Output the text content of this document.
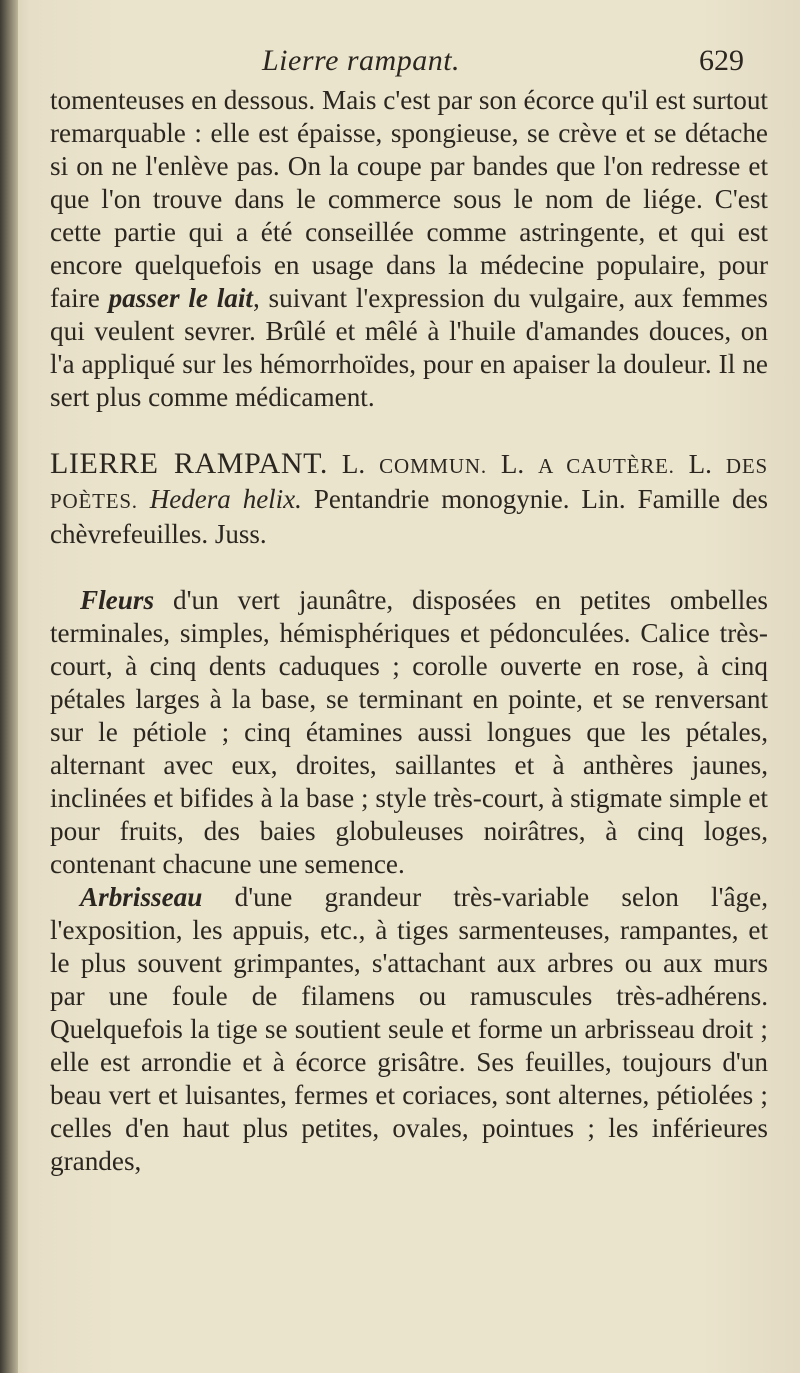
Lierre rampant.	629

tomenteuses en dessous. Mais c'est par son écorce qu'il est surtout remarquable : elle est épaisse, spongieuse, se crève et se détache si on ne l'enlève pas. On la coupe par bandes que l'on redresse et que l'on trouve dans le commerce sous le nom de liége. C'est cette partie qui a été conseillée comme astringente, et qui est encore quelquefois en usage dans la médecine populaire, pour faire passer le lait, suivant l'expression du vulgaire, aux femmes qui veulent sevrer. Brûlé et mêlé à l'huile d'amandes douces, on l'a appliqué sur les hémorrhoïdes, pour en apaiser la douleur. Il ne sert plus comme médicament.

LIERRE RAMPANT. L. COMMUN. L. A CAUTÈRE. L. DES POÈTES. Hedera helix. Pentandrie monogynie. Lin. Famille des chèvrefeuilles. Juss.

Fleurs d'un vert jaunâtre, disposées en petites ombelles terminales, simples, hémisphériques et pédonculées. Calice très-court, à cinq dents caduques ; corolle ouverte en rose, à cinq pétales larges à la base, se terminant en pointe, et se renversant sur le pétiole ; cinq étamines aussi longues que les pétales, alternant avec eux, droites, saillantes et à anthères jaunes, inclinées et bifides à la base ; style très-court, à stigmate simple et pour fruits, des baies globuleuses noirâtres, à cinq loges, contenant chacune une semence.

Arbrisseau d'une grandeur très-variable selon l'âge, l'exposition, les appuis, etc., à tiges sarmenteuses, rampantes, et le plus souvent grimpantes, s'attachant aux arbres ou aux murs par une foule de filamens ou ramuscules très-adhérens. Quelquefois la tige se soutient seule et forme un arbrisseau droit ; elle est arrondie et à écorce grisâtre. Ses feuilles, toujours d'un beau vert et luisantes, fermes et coriaces, sont alternes, pétiolées ; celles d'en haut plus petites, ovales, pointues ; les inférieures grandes,
